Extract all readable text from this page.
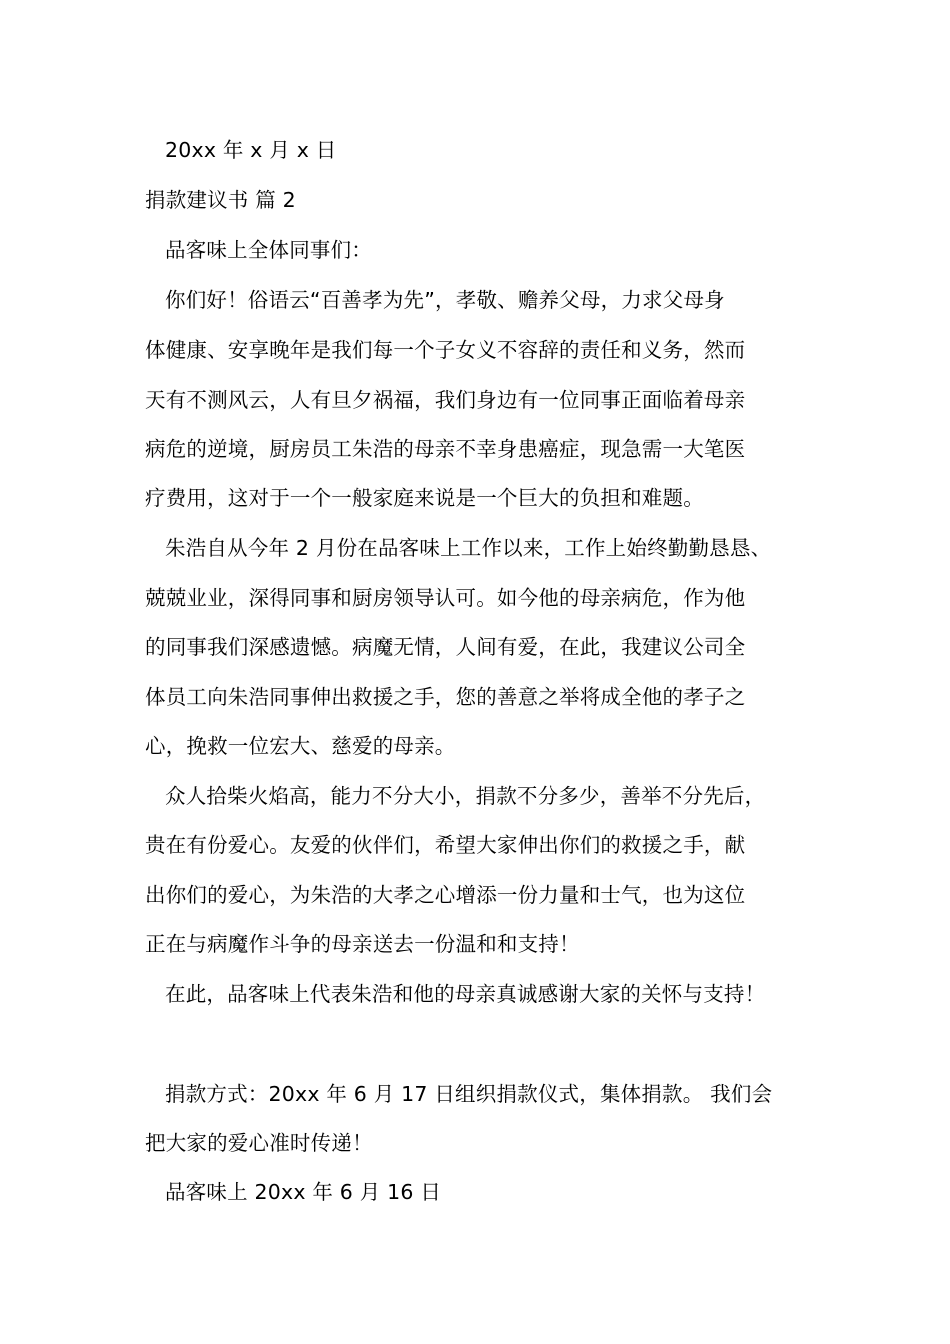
20xx 年 x 月 x 日
捐款建议书 篇 2
品客味上全体同事们：
你们好！俗语云“百善孝为先”，孝敬、赡养父母，力求父母身
体健康、安享晚年是我们每一个子女义不容辞的责任和义务，然而
天有不测风云，人有旦夕祸福，我们身边有一位同事正面临着母亲
病危的逆境，厨房员工朱浩的母亲不幸身患癌症，现急需一大笔医
疗费用，这对于一个一般家庭来说是一个巨大的负担和难题。
朱浩自从今年 2 月份在品客味上工作以来，工作上始终勤勤恳恳、
兢兢业业，深得同事和厨房领导认可。如今他的母亲病危，作为他
的同事我们深感遗憾。病魔无情，人间有爱，在此，我建议公司全
体员工向朱浩同事伸出救援之手，您的善意之举将成全他的孝子之
心，挽救一位宏大、慈爱的母亲。
众人拾柴火焰高，能力不分大小，捐款不分多少，善举不分先后，
贵在有份爱心。友爱的伙伴们，希望大家伸出你们的救援之手，献
出你们的爱心，为朱浩的大孝之心增添一份力量和士气，也为这位
正在与病魔作斗争的母亲送去一份温和和支持！
在此，品客味上代表朱浩和他的母亲真诚感谢大家的关怀与支持！
捐款方式：20xx 年 6 月 17 日组织捐款仪式，集体捐款。 我们会
把大家的爱心准时传递！
品客味上 20xx 年 6 月 16 日
